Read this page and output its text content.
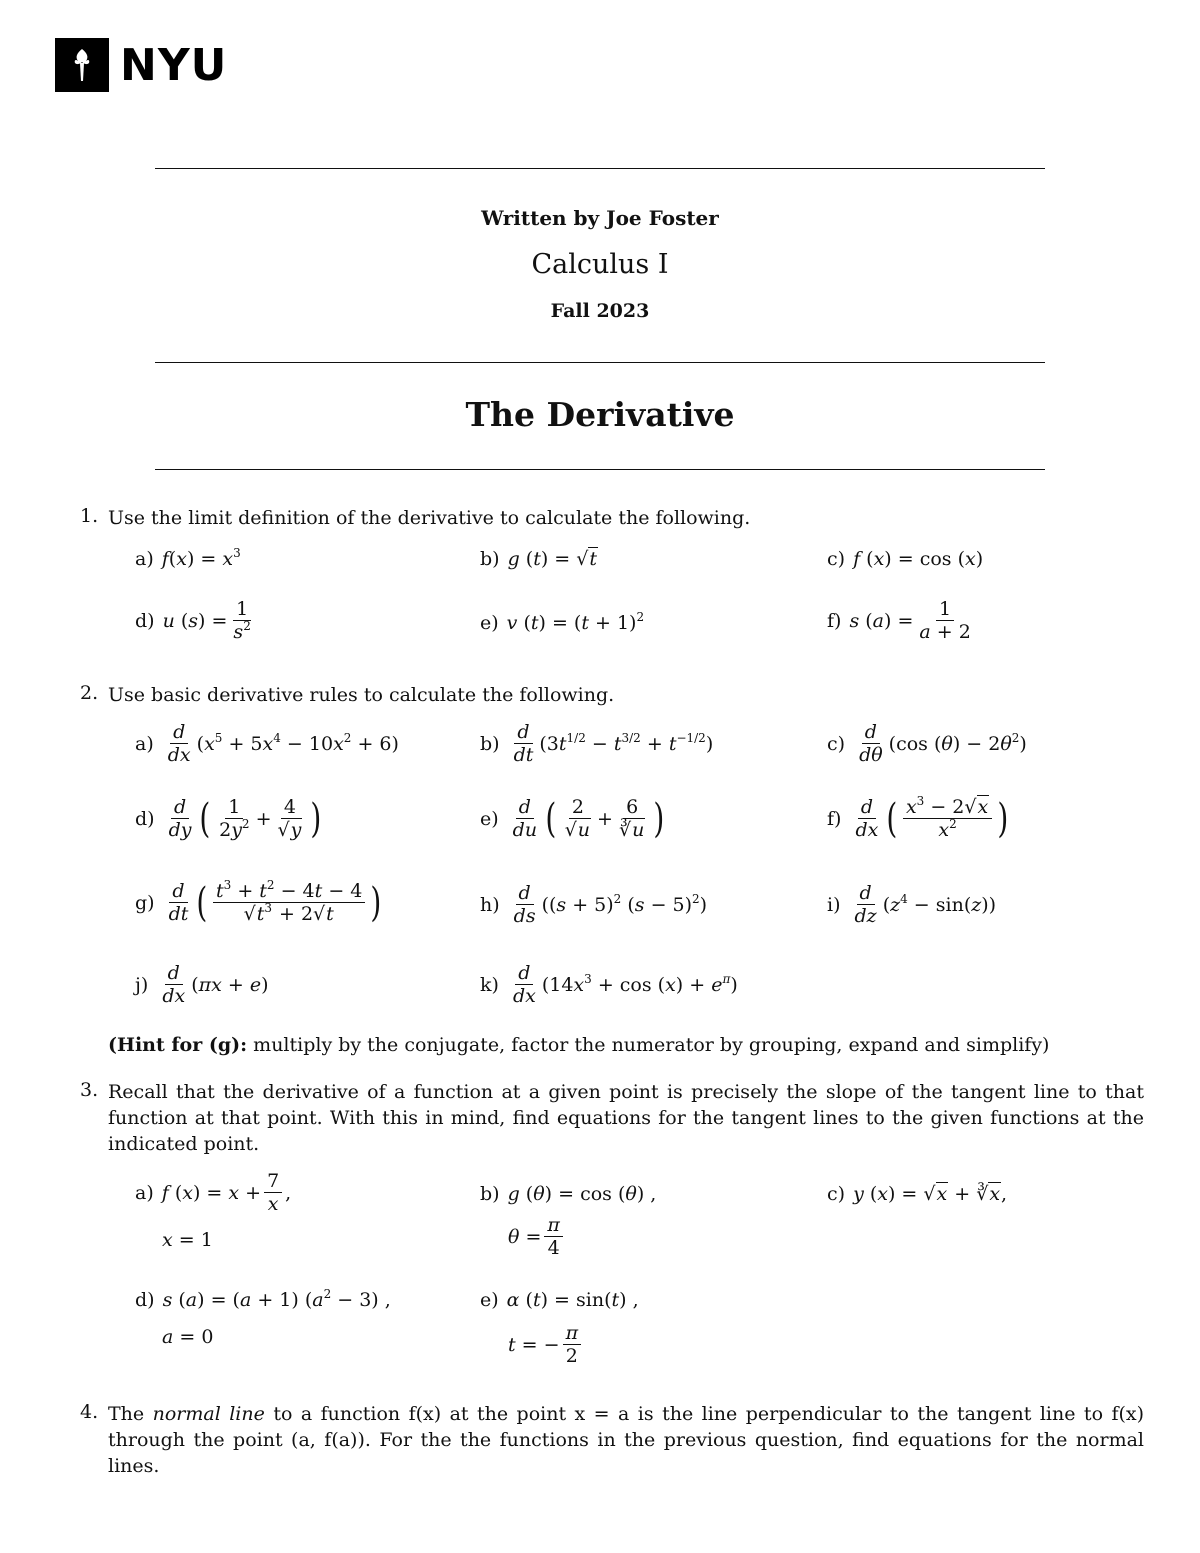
NYU
Written by Joe Foster
Calculus I
Fall 2023
The Derivative
1. Use the limit definition of the derivative to calculate the following.
a) $f(x) = x^3$	b) g (t) = √t	c) f (x) = cos (x)
d) u $(s) = \frac{1}{s^2}$	e) v $(t) = (t + 1)^2$	f) s $(a) = \frac{1}{a + 2}$
2. Use basic derivative rules to calculate the following.
$a) \frac{d}{dx} (x^5 + 5x^4 - 10x^2 + 6)$	$b) \frac{d}{dt} (3t^{1/2} - t^{3/2} + t^{-1/2})$	$c) \frac{d}{d\theta} (\cos$ $(\theta) - 2\theta^2$)
$d) \frac{d}{dy}$ ( $\frac{1}{2y^2} + \frac{4}{√y}$ )	$e) \frac{d}{du}$ ( $\frac{2}{√u} + \frac{6}{∛u}$ )	$f) \frac{d}{dx}$ ( $\frac{x^3 - 2√x}{x^2}$ )
$g) \frac{d}{dt}$ ( $\frac{t^3 + t^2 - 4t - 4}{√t^3 + 2√t}$ )	$h) \frac{d}{ds} ((s + 5)^2$ $(s - 5)^2$)	$i) \frac{d}{dz} (z^4 - \sin(z))$
$j) \frac{d}{dx} (\pi x + e)$	$k) \frac{d}{dx} (14x^3 + \cos (x) + e^\pi)$
(Hint for (g): multiply by the conjugate, factor the numerator by grouping, expand and simplify)
3. Recall that the derivative of a function at a given point is precisely the slope of the tangent line to that function at that point. With this in mind, find equations for the tangent lines to the given functions at the indicated point.
a) f $(x) = x + \frac{7}{x}$ ,
x = 1
b) g (θ) = cos (θ) ,
$\theta = \frac{\pi}{4}$
c) y (x) = √x + ∛x,
d) s (a) = (a + 1) $(a^2 - 3)$ ,
a = 0
e) α (t) = sin(t) ,
t = − $\frac{\pi}{2}$
4. The normal line to a function f(x) at the point x = a is the line perpendicular to the tangent line to f(x) through the point (a, f(a)). For the the functions in the previous question, find equations for the normal lines.
